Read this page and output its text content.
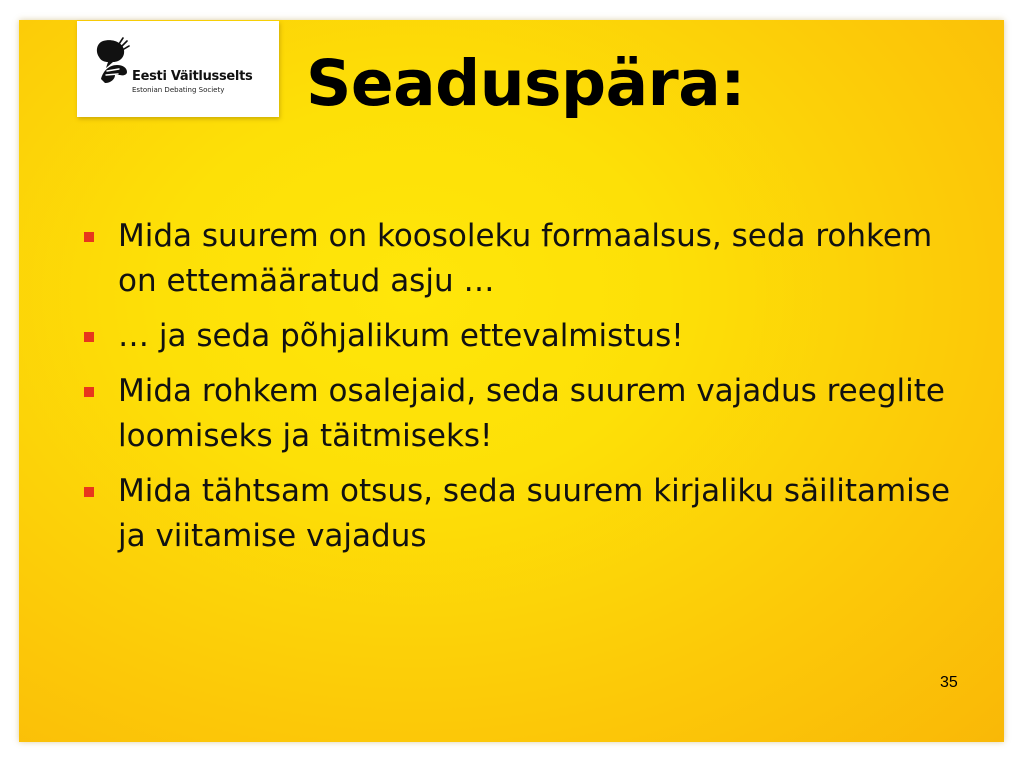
Eesti Väitlusselts
Estonian Debating Society Seaduspära:
Mida suurem on koosoleku formaalsus, seda rohkem on ettemääratud asju …
… ja seda põhjalikum ettevalmistus!
Mida rohkem osalejaid, seda suurem vajadus reeglite loomiseks ja täitmiseks!
Mida tähtsam otsus, seda suurem kirjaliku säilitamise ja viitamise vajadus
35
